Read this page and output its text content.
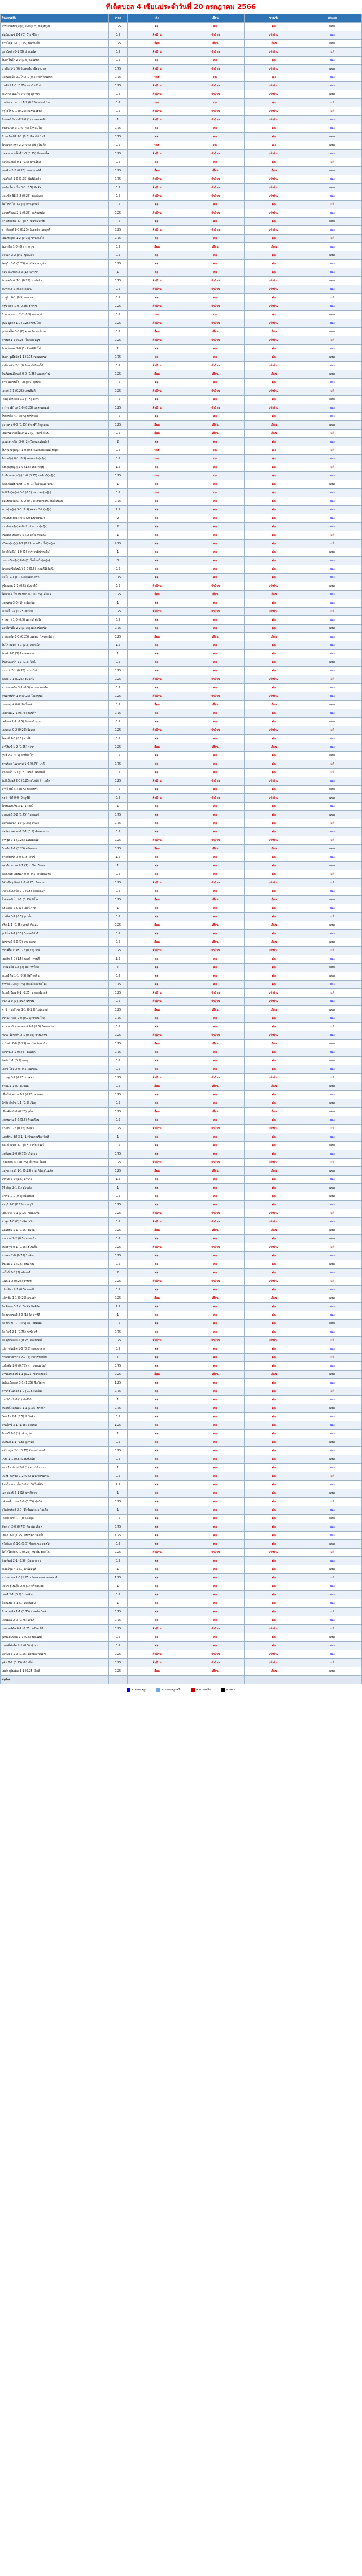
ทีเด็ดบอล 4 เซียนประจำวันที่ 20 กรกฎาคม 2566
คืนแลนด์ทีม	ราคา	เก่ง	เซียน	ช่างเชิง	ผลบอล
อาร์เจนติน่า(หญิง) 0-0 (1.5) ชิลี(หญิง)	0.25	ต่อ	ต่อ	ต่อ	เสมอ
ฟลูมิเนนเซ่ 2-1 (0) บีไอ ซีริอา	0.5	เจ้าบ้าน	เจ้าบ้าน	เจ้าบ้าน	ชนะ
ซานโตส 1-1 (0.25) ฟลามิงโก้	0.25	เยือน	เยือน	เยือน	เสมอ
บูอาวิสต้า 0-1 (0) ปาลเมรัส	0.5	เจ้าบ้าน	เจ้าบ้าน	เจ้าบ้าน	แพ้
โบตาโฟโก 2-0 (0.5) กอริตีบา	0.5	ต่อ	ต่อ	ต่อ	ชนะ
บาเอีย 1-1 (0) อินเตอร์นาซิอองนาล	0.75	เจ้าบ้าน	เจ้าบ้าน	เจ้าบ้าน	เสมอ
แอตเลติโก้ มิเนโร่ 2-1 (0.5) ฟอร์ตาเลซ่า	0.75	รอง	รอง	รอง	ชนะ
เกรมิโอ้ 1-0 (0.25) บรากันติโน่	0.25	เจ้าบ้าน	เจ้าบ้าน	เจ้าบ้าน	ชนะ
อเมริกา มิเนโร่ 0-0 (0) คูยาบา	0.5	เจ้าบ้าน	เจ้าบ้าน	เจ้าบ้าน	เสมอ
วาสโก ดา กามา 1-2 (0.25) เซาเปาโล	0.5	รอง	รอง	รอง	แพ้
ครูไซโร่ 0-1 (0.25) คอรินเธียนส์	0.5	เจ้าบ้าน	เจ้าบ้าน	เจ้าบ้าน	แพ้
อินเตอร์ ไมอามี่ 2-0 (1) แอตแลนต้า	1	เจ้าบ้าน	เจ้าบ้าน	เจ้าบ้าน	ชนะ
ซินซินเนติ 3-1 (0.75) โตรอนโต้	0.75	ต่อ	ต่อ	ต่อ	ชนะ
นิวยอร์ก ซิตี้ 1-1 (0.5) ชิคาโก้ ไฟร์	0.75	ต่อ	ต่อ	ต่อ	เสมอ
โคลัมบัส ครูว์ 2-2 (0.5) ดีซี ยูไนเต็ด	0.5	รอง	รอง	รอง	เสมอ
แอลเอ แกแล็กซี่ 1-0 (0.25) ซีแอตเติ้ล	0.25	เจ้าบ้าน	เจ้าบ้าน	เจ้าบ้าน	ชนะ
พอร์ตแลนด์ 0-1 (0.5) ซานโฮเซ่	0.5	ต่อ	ต่อ	ต่อ	แพ้
ออสติน 2-2 (0.25) แอลเอเอฟซี	0.25	เยือน	เยือน	เยือน	เสมอ
แนชวิลล์ 1-0 (0.75) มินนิโซต้า	0.75	เจ้าบ้าน	เจ้าบ้าน	เจ้าบ้าน	ชนะ
ฮุสตัน ไดนาโม 0-0 (0.5) ดัลลัส	0.5	เจ้าบ้าน	เจ้าบ้าน	เจ้าบ้าน	เสมอ
แคนซัส ซิตี้ 3-2 (0.25) ซอลท์เลค	0.5	เจ้าบ้าน	เจ้าบ้าน	เจ้าบ้าน	ชนะ
โคโลราโด 0-2 (0) แวนคูเวอร์	0.5	ต่อ	ต่อ	ต่อ	แพ้
มอนทรีออล 2-1 (0.25) ออร์แลนโด	0.25	เจ้าบ้าน	เจ้าบ้าน	เจ้าบ้าน	ชนะ
นิว อิงแลนด์ 1-1 (0.5) ฟิลาเดลเฟีย	0.5	ต่อ	ต่อ	ต่อ	เสมอ
ชาร์ล็อตต์ 2-0 (0.25) นิวยอร์ก เรดบูลส์	0.25	เจ้าบ้าน	เจ้าบ้าน	เจ้าบ้าน	ชนะ
เซนต์หลุยส์ 1-2 (0.75) ซานดิเอโก	0.75	ต่อ	ต่อ	ต่อ	แพ้
โมเรเลีย 1-0 (0) เวราครูซ	0.5	เยือน	เยือน	เยือน	ชนะ
ทีจัวน่า 2-2 (0.5) ปูเอบล่า	0.5	ต่อ	ต่อ	ต่อ	เสมอ
โตลูก้า 3-1 (0.75) ซานโตส ลากูน่า	0.75	ต่อ	ต่อ	ต่อ	ชนะ
คลับ อเมริกา 2-0 (1) เนกาซา	1	ต่อ	ต่อ	ต่อ	ชนะ
โมนเตร์เรย์ 1-1 (0.75) มาซัตลัน	0.75	เจ้าบ้าน	เจ้าบ้าน	เจ้าบ้าน	เสมอ
ติเกรส 2-1 (0.5) เลออน	0.5	เจ้าบ้าน	เจ้าบ้าน	เจ้าบ้าน	ชนะ
ปาชูก้า 0-1 (0.5) อตลาส	0.5	ต่อ	ต่อ	ต่อ	แพ้
ครูซ อซูล 1-0 (0.25) ฮัวเรซ	0.25	เจ้าบ้าน	เจ้าบ้าน	เจ้าบ้าน	ชนะ
กัวดาลาฮาร่า 2-2 (0.5) เกเรตาโร่	0.5	รอง	รอง	รอง	เสมอ
ยูนัม ปูมาส 1-0 (0.25) ซานโตส	0.25	เจ้าบ้าน	เจ้าบ้าน	เจ้าบ้าน	ชนะ
ยูแอนด์ไอ 0-0 (0) อาเซนัล ซาร์ราด	0.5	เยือน	เยือน	เยือน	เสมอ
ลาเนส 1-2 (0.25) โกดอย ครูซ	0.25	เจ้าบ้าน	เจ้าบ้าน	เจ้าบ้าน	แพ้
ริเวอร์เพลท 2-0 (1) อินสติติวโต้	1	ต่อ	ต่อ	ต่อ	ชนะ
โบคา จูเนียร์ส 1-1 (0.75) ทาลเยเรส	0.75	ต่อ	ต่อ	ต่อ	เสมอ
ราซิ่ง คลับ 2-1 (0.5) ซาร์เมียนโต้	0.5	เจ้าบ้าน	เจ้าบ้าน	เจ้าบ้าน	ชนะ
อินดิเพนเดียนเต้ 0-0 (0.25) เบลกราโน่	0.25	เยือน	เยือน	เยือน	เสมอ
ซาน ลอเรนโซ่ 1-0 (0.5) ยูเนียน	0.5	ต่อ	ต่อ	ต่อ	ชนะ
เวเลซ 0-1 (0.25) บานฟิลด์	0.25	เจ้าบ้าน	เจ้าบ้าน	เจ้าบ้าน	แพ้
เอสตูเดียนเตส 2-2 (0.5) ติเกร	0.5	ต่อ	ต่อ	ต่อ	เสมอ
อาร์เจนติโนส 1-0 (0.25) แพลตเทนเซ่	0.25	เจ้าบ้าน	เจ้าบ้าน	เจ้าบ้าน	ชนะ
โรซาริโอ 3-1 (0.5) บาร์ราคัส	0.5	ต่อ	ต่อ	ต่อ	ชนะ
ฮูราแคน 0-0 (0.25) อัตเลติโก้ ตูกูมาน	0.25	เยือน	เยือน	เยือน	เสมอ
เซนทรัล กอร์โดบา 1-2 (0) เชลซี่ วีเมน	0.5	เยือน	เยือน	เยือน	แพ้
ยูเอสเอ(หญิง) 3-0 (2) เวียดนาม(หญิง)	2	ต่อ	ต่อ	ต่อ	ชนะ
โปรตุเกส(หญิง) 1-0 (0.5) เนเธอร์แลนด์(หญิง)	0.5	รอง	รอง	รอง	แพ้
จีน(หญิง) 0-1 (0.5) เดนมาร์ก(หญิง)	0.5	รอง	รอง	รอง	ชนะ
อังกฤษ(หญิง) 1-0 (1.5) เฮติ(หญิง)	1.5	ต่อ	ต่อ	ต่อ	แพ้
นิวซีแลนด์(หญิง) 1-0 (0.25) นอร์เวย์(หญิง)	0.25	รอง	รอง	รอง	ชนะ
ออสเตรเลีย(หญิง) 1-0 (1) ไอร์แลนด์(หญิง)	1	ต่อ	ต่อ	ต่อ	เสมอ
ไนจีเรีย(หญิง) 0-0 (0.5) แคนาดา(หญิง)	0.5	รอง	รอง	รอง	ชนะ
ฟิลิปปินส์(หญิง) 0-2 (0.75) สวิตเซอร์แลนด์(หญิง)	0.75	ต่อ	ต่อ	ต่อ	ชนะ
สเปน(หญิง) 3-0 (2.5) คอสตาริก้า(หญิง)	2.5	ต่อ	ต่อ	ต่อ	ชนะ
แซมเบีย(หญิง) 0-5 (2) ญี่ปุ่น(หญิง)	2	ต่อ	ต่อ	ต่อ	ชนะ
บราซิล(หญิง) 4-0 (2) ปานามา(หญิง)	2	ต่อ	ต่อ	ต่อ	ชนะ
ฝรั่งเศส(หญิง) 0-0 (1) จาไมก้า(หญิง)	1	ต่อ	ต่อ	ต่อ	แพ้
สวีเดน(หญิง) 2-1 (2.25) แอฟริกาใต้(หญิง)	2.25	ต่อ	ต่อ	ต่อ	แพ้
อิตาลี(หญิง) 1-0 (1) อาร์เจนติน่า(หญิง)	1	ต่อ	ต่อ	ต่อ	เสมอ
เยอรมนี(หญิง) 6-0 (3) โมร็อกโก(หญิง)	3	ต่อ	ต่อ	ต่อ	ชนะ
โคลอมเบีย(หญิง) 2-0 (0.5) เกาหลีใต้(หญิง)	0.5	ต่อ	ต่อ	ต่อ	ชนะ
มัลโม่ 2-1 (0.75) เอลฟ์สบอร์ก	0.75	ต่อ	ต่อ	ต่อ	ชนะ
ยูร์กาเดน 1-1 (0.5) ฮัมมาร์บี้	0.5	เจ้าบ้าน	เจ้าบ้าน	เจ้าบ้าน	เสมอ
ไอเอฟเค โกเธนเบิร์ก 0-1 (0.25) เอไอเค	0.25	เยือน	เยือน	เยือน	ชนะ
แฮคเค่น 3-0 (1) วาร์นาโม	1	ต่อ	ต่อ	ต่อ	ชนะ
มเยลบี้ 0-2 (0.25) ซิเรียส	0.25	เจ้าบ้าน	เจ้าบ้าน	เจ้าบ้าน	แพ้
คาลมาร์ 1-0 (0.5) เดเกอร์ฟอร์ส	0.5	ต่อ	ต่อ	ต่อ	ชนะ
นอร์โคปปิ้ง 2-2 (0.75) เดเกอร์ฟอร์ส	0.75	ต่อ	ต่อ	ต่อ	เสมอ
ฮาล์มสตัด 1-3 (0.25) บรอมมาโพจการ์น่า	0.25	เยือน	เยือน	เยือน	ชนะ
โบโด กลิมท์ 4-1 (1.5) สตาเบ็ค	1.5	ต่อ	ต่อ	ต่อ	ชนะ
โมลด์ 2-0 (1) ลิลเลสตรอม	1	ต่อ	ต่อ	ต่อ	ชนะ
โรเซนบอร์ก 1-1 (0.5) ไวกิ้ง	0.5	ต่อ	ต่อ	ต่อ	เสมอ
บรานน์ 2-1 (0.75) ทรอมโซ่	0.75	ต่อ	ต่อ	ต่อ	ชนะ
ออดด์ 0-1 (0.25) ฮัม คาม	0.25	เจ้าบ้าน	เจ้าบ้าน	เจ้าบ้าน	แพ้
ซาร์ปสบอร์ก 3-1 (0.5) ซานเดฟยอร์ด	0.5	ต่อ	ต่อ	ต่อ	ชนะ
วาเลเรนก้า 1-0 (0.25) โอเล่ซุนด์	0.25	เจ้าบ้าน	เจ้าบ้าน	เจ้าบ้าน	ชนะ
เฮาเกซุนด์ 0-0 (0) โอลด์	0.5	เยือน	เยือน	เยือน	เสมอ
เอชเจเค 2-1 (0.75) ฮอนก้า	0.75	ต่อ	ต่อ	ต่อ	ชนะ
เคพีเอส 1-1 (0.5) อินเตอร์ ตุรกุ	0.5	ต่อ	ต่อ	ต่อ	เสมอ
เอสเจเค 0-2 (0.25) อิลเวส	0.25	เจ้าบ้าน	เจ้าบ้าน	เจ้าบ้าน	แพ้
ไฮจะฮ์ 1-0 (0.5) ลาห์ติ	0.5	ต่อ	ต่อ	ต่อ	ชนะ
มารีฮัมน์ 1-2 (0.25) วาซา	0.25	เยือน	เยือน	เยือน	ชนะ
กูปส์ 2-2 (0.5) อาห์ซีแบ็ก	0.5	ต่อ	ต่อ	ต่อ	เสมอ
ชามร็อค โรเวอร์ส 1-0 (0.75) บาลี่	0.75	ต่อ	ต่อ	ต่อ	แพ้
ดันดอล์ก 0-1 (0.5) เซนต์ แพทริคส์	0.5	ต่อ	ต่อ	ต่อ	แพ้
โบฮีเมียนส์ 2-0 (0.25) สไลโก้ โรเวอร์ส	0.25	เจ้าบ้าน	เจ้าบ้าน	เจ้าบ้าน	ชนะ
ดาร์รี่ ซิตี้ 1-1 (0.5) ชอลเบิร์น	0.5	ต่อ	ต่อ	ต่อ	เสมอ
คอร์ก ซิตี้ 0-0 (0) ยูซีดี	0.5	เจ้าบ้าน	เจ้าบ้าน	เจ้าบ้าน	เสมอ
โคเปนเฮเก้น 3-1 (1) ลิงบี้	1	ต่อ	ต่อ	ต่อ	ชนะ
บรอนด์บี้ 2-2 (0.75) โอเดนเซ่	0.75	ต่อ	ต่อ	ต่อ	เสมอ
มิดทิลแลนด์ 1-0 (0.75) เวเบิล	0.75	ต่อ	ต่อ	ต่อ	แพ้
นอร์ดแยลแลนด์ 2-1 (0.5) ซิลเคบอร์ก	0.5	ต่อ	ต่อ	ต่อ	ชนะ
อาร์ฮุส 0-1 (0.25) แรนเดอร์ส	0.25	เจ้าบ้าน	เจ้าบ้าน	เจ้าบ้าน	แพ้
วีบอร์ก 1-1 (0.25) ฮวิดอฟเร	0.25	เยือน	เยือน	เยือน	เสมอ
ซาลซ์บวร์ก 3-0 (1.5) ลินซ์	1.5	ต่อ	ต่อ	ต่อ	ชนะ
สตวร์ม กราซ 2-1 (1) ราปิด เวียนนา	1	ต่อ	ต่อ	ต่อ	เสมอ
ออสเตรีย เวียนนา 0-0 (0.5) ฮาร์ทแบร์ก	0.5	ต่อ	ต่อ	ต่อ	แพ้
บีดับเบิ้ลยู ลินซ์ 1-2 (0.25) อัลทาช	0.25	เจ้าบ้าน	เจ้าบ้าน	เจ้าบ้าน	แพ้
เคลาเก้นเฟิร์ต 2-0 (0.5) ลุสเตอเนา	0.5	ต่อ	ต่อ	ต่อ	ชนะ
โวล์ฟสเบิร์ก 1-1 (0.25) ทิโรล	0.25	เยือน	เยือน	เยือน	เสมอ
ยัง บอยส์ 2-0 (1) เซอร์เวตต์	1	ต่อ	ต่อ	ต่อ	ชนะ
บาเซิ่ล 0-1 (0.5) ลูกาโน่	0.5	ต่อ	ต่อ	ต่อ	แพ้
ซูริค 1-1 (0.25) เซนต์ กัลเลน	0.25	เยือน	เยือน	เยือน	เสมอ
ลูเซิร์น 2-1 (0.5) วินเทอร์ทัวร์	0.5	ต่อ	ต่อ	ต่อ	ชนะ
โลซานน์ 0-0 (0) ยาง-ฮลาด	0.5	เยือน	เยือน	เยือน	เสมอ
กราสฮ็อปเปอร์ 1-2 (0.25) ยังส์	0.25	เจ้าบ้าน	เจ้าบ้าน	เจ้าบ้าน	แพ้
เซลติก 3-0 (1.5) รอสส์ เคาน์ตี้	1.5	ต่อ	ต่อ	ต่อ	ชนะ
เรนเจอร์ส 2-1 (1) คิลมาร์น็อค	1	ต่อ	ต่อ	ต่อ	เสมอ
อเบอร์ดีน 1-1 (0.5) ลิฟวิงสตัน	0.5	ต่อ	ต่อ	ต่อ	เสมอ
ฮาร์ทส 2-0 (0.75) เซนต์ จอห์นสโตน	0.75	ต่อ	ต่อ	ต่อ	ชนะ
ฮิเบอร์เนียน 0-1 (0.25) มาเธอร์เวลล์	0.25	เจ้าบ้าน	เจ้าบ้าน	เจ้าบ้าน	แพ้
ดันดี 1-0 (0) เซนต์ มิร์เรน	0.5	เจ้าบ้าน	เจ้าบ้าน	เจ้าบ้าน	ชนะ
คาชิว่า เรย์โซล 1-1 (0.25) โยโกฮาม่า	0.25	เยือน	เยือน	เยือน	เสมอ
อุราวะ เรดส์ 2-0 (0.75) ซางัน โทสุ	0.75	ต่อ	ต่อ	ต่อ	ชนะ
คาวาซากิ ฟรอนตาเล่ 1-2 (0.5) วิสเซล โกเบ	0.5	ต่อ	ต่อ	ต่อ	แพ้
กัมบะ โอซาก้า 2-1 (0.25) ซานเฟรซ	0.25	เจ้าบ้าน	เจ้าบ้าน	เจ้าบ้าน	ชนะ
นาโงย่า 0-0 (0.25) เซเรโซ โอซาก้า	0.25	เยือน	เยือน	เยือน	เสมอ
อุลซาน 2-1 (0.75) ชอนบุก	0.75	ต่อ	ต่อ	ต่อ	ชนะ
โพฮัง 1-1 (0.5) แทกู	0.5	ต่อ	ต่อ	ต่อ	เสมอ
เอฟซี โซล 2-0 (0.5) อินชอน	0.5	ต่อ	ต่อ	ต่อ	ชนะ
กวางจู 0-1 (0.25) แทจอน	0.25	เจ้าบ้าน	เจ้าบ้าน	เจ้าบ้าน	แพ้
ซูวอน 1-1 (0) คังวอน	0.5	เยือน	เยือน	เยือน	เสมอ
เซี่ยงไฮ้ พอร์ท 2-1 (0.75) ชานตง	0.75	ต่อ	ต่อ	ต่อ	ชนะ
ปักกิ่ง กั๋วอัน 1-1 (0.5) เฉิงตู	0.5	ต่อ	ต่อ	ต่อ	เสมอ
เทียนจิน 0-0 (0.25) อู่ฮั่น	0.25	เยือน	เยือน	เยือน	เสมอ
เหอหนาน 2-0 (0.5) ต้าเหลียน	0.5	ต่อ	ต่อ	ต่อ	ชนะ
ฉางชุน 1-2 (0.25) ชิงเต่า	0.25	เจ้าบ้าน	เจ้าบ้าน	เจ้าบ้าน	แพ้
เมลเบิร์น ซิตี้ 3-1 (1) นิวคาสเซิล เจ็ตส์	1	ต่อ	ต่อ	ต่อ	ชนะ
ซิดนีย์ เอฟซี 1-1 (0.5) เพิร์ธ กลอรี่	0.5	ต่อ	ต่อ	ต่อ	เสมอ
แอดิเลด 2-0 (0.75) บริสเบน	0.75	ต่อ	ต่อ	ต่อ	ชนะ
เวลลิงตัน 0-1 (0.25) เซ็นทรัล โคสต์	0.25	เจ้าบ้าน	เจ้าบ้าน	เจ้าบ้าน	แพ้
แมคอาเธอร์ 1-1 (0.25) เวสเทิร์น ยูไนเต็ด	0.25	เยือน	เยือน	เยือน	เสมอ
บุรีรัมย์ 3-0 (1.5) ลำปาง	1.5	ต่อ	ต่อ	ต่อ	ชนะ
บีจี ปทุม 2-1 (1) สุโขทัย	1	ต่อ	ต่อ	ต่อ	เสมอ
ท่าเรือ 1-1 (0.5) เมืองทอง	0.5	ต่อ	ต่อ	ต่อ	เสมอ
ชลบุรี 2-0 (0.75) ราชบุรี	0.75	ต่อ	ต่อ	ต่อ	ชนะ
เชียงราย 0-1 (0.25) ขอนแก่น	0.25	เจ้าบ้าน	เจ้าบ้าน	เจ้าบ้าน	แพ้
ลำพูน 1-0 (0) โปลิศ เทโร	0.5	เจ้าบ้าน	เจ้าบ้าน	เจ้าบ้าน	ชนะ
นครปฐม 1-1 (0.25) ตราด	0.25	เยือน	เยือน	เยือน	เสมอ
ประจวบ 2-2 (0.5) หนองบัว	0.5	ต่อ	ต่อ	ต่อ	เสมอ
อุทัยธานี 0-1 (0.25) ยูไนเต็ด	0.25	เจ้าบ้าน	เจ้าบ้าน	เจ้าบ้าน	แพ้
ฮานอย 2-0 (0.75) ไฮฟอง	0.75	ต่อ	ต่อ	ต่อ	ชนะ
ไซ่ง่อน 1-1 (0.5) บินห์ดิงห์	0.5	ต่อ	ต่อ	ต่อ	เสมอ
ยะโฮร์ 3-0 (2) สลังงอร์	2	ต่อ	ต่อ	ต่อ	ชนะ
เปรัก 1-2 (0.25) ซาบาห์	0.25	เจ้าบ้าน	เจ้าบ้าน	เจ้าบ้าน	แพ้
เปอร์ซิจา 2-1 (0.5) บาหลี	0.5	ต่อ	ต่อ	ต่อ	ชนะ
เปอร์ซิบ 1-1 (0.25) อาเรม่า	0.25	เยือน	เยือน	เยือน	เสมอ
อัล ฮิลาล 3-1 (1.5) อัล อิตติฮัด	1.5	ต่อ	ต่อ	ต่อ	ชนะ
อัล นาสเซอร์ 2-0 (1) อัล อาห์ลี	1	ต่อ	ต่อ	ต่อ	ชนะ
อัล ชาบับ 1-1 (0.5) อัล เอตติฟัค	0.5	ต่อ	ต่อ	ต่อ	เสมอ
อัล ไอน์ 2-1 (0.75) ชาร์จาห์	0.75	ต่อ	ต่อ	ต่อ	ชนะ
อัล ดูฮาอิล 0-1 (0.25) อัล ซาดด์	0.25	เจ้าบ้าน	เจ้าบ้าน	เจ้าบ้าน	แพ้
เปอร์เซโปลิส 1-0 (0.5) เอสเตกลาล	0.5	ต่อ	ต่อ	ต่อ	ชนะ
กาลาตาซาราย 2-2 (1) เฟเนร์บาห์เช่	1	ต่อ	ต่อ	ต่อ	แพ้
เบซิกตัส 2-0 (0.75) ทราบซอนสปอร์	0.75	ต่อ	ต่อ	ต่อ	ชนะ
บาซัคเซเฮียร์ 1-1 (0.25) ซีวาสสปอร์	0.25	เยือน	เยือน	เยือน	เสมอ
โอลิมเปียกอส 3-1 (1.25) พีเอโอเค	1.25	ต่อ	ต่อ	ต่อ	ชนะ
พานาธิไนกอส 1-0 (0.75) เออีเค	0.75	ต่อ	ต่อ	ต่อ	แพ้
เบนฟิก้า 2-0 (1) ปอร์โต้	1	ต่อ	ต่อ	ต่อ	ชนะ
สปอร์ติ้ง ลิสบอน 1-1 (0.75) บราก้า	0.75	ต่อ	ต่อ	ต่อ	เสมอ
วิตอเรีย 2-1 (0.5) บัววิสต้า	0.5	ต่อ	ต่อ	ต่อ	ชนะ
อาแจ็กซ์ 3-1 (1.25) อาแซด	1.25	ต่อ	ต่อ	ต่อ	ชนะ
พีเอสวี 2-0 (1) เฟเยนูร์ด	1	ต่อ	ต่อ	ต่อ	ชนะ
ทเวนเต้ 1-1 (0.5) อูเทรคต์	0.5	ต่อ	ต่อ	ต่อ	เสมอ
คลับ บรูช 2-1 (0.75) อันเดอร์เลชท์	0.75	ต่อ	ต่อ	ต่อ	ชนะ
เกงค์ 1-1 (0.5) แอนท์เวิร์ป	0.5	ต่อ	ต่อ	ต่อ	เสมอ
สลาเวีย ปราก 2-0 (1) สปาร์ต้า ปราก	1	ต่อ	ต่อ	ต่อ	ชนะ
เลเกีย วอร์ซอ 1-2 (0.5) เลค พอซนาน	0.5	ต่อ	ต่อ	ต่อ	แพ้
ดินาโม ซาเกร็บ 3-0 (1.5) ไฮจ์ดุ๊ค	1.5	ต่อ	ต่อ	ต่อ	ชนะ
เรด สตาร์ 2-1 (1) พาร์ติซาน	1	ต่อ	ต่อ	ต่อ	เสมอ
เฟเรนซ์วารอส 1-0 (0.75) ปุสกัส	0.75	ต่อ	ต่อ	ต่อ	แพ้
ลูโดโกเร็ตส์ 2-0 (1) ซีเอสเคเอ โซเฟีย	1	ต่อ	ต่อ	ต่อ	ชนะ
เอฟซีเอสบี 1-1 (0.5) คลูจ	0.5	ต่อ	ต่อ	ต่อ	เสมอ
ชัคตาร์ 2-0 (0.75) ดินาโม เคียฟ	0.75	ต่อ	ต่อ	ต่อ	ชนะ
เซนิต 3-1 (1.25) สปาร์ตัก มอสโก	1.25	ต่อ	ต่อ	ต่อ	ชนะ
ครัสโนดาร์ 1-1 (0.5) ซีเอสเคเอ มอสโก	0.5	ต่อ	ต่อ	ต่อ	เสมอ
โลโคโมทีฟ 0-1 (0.25) ดินาโม มอสโก	0.25	เจ้าบ้าน	เจ้าบ้าน	เจ้าบ้าน	แพ้
โรสต็อฟ 2-1 (0.5) รูบิน คาซาน	0.5	ต่อ	ต่อ	ต่อ	ชนะ
ลิเวอร์พูล 4-3 (1) คาร์ลสรูห์	1	ต่อ	ต่อ	ต่อ	เสมอ
อาร์เซนอล 1-0 (1.25) เอ็มแอลเอส ออลสตาร์	1.25	ต่อ	ต่อ	ต่อ	แพ้
แมนฯ ยูไนเต็ด 2-0 (1) วีเร็กซ์แฮม	1	ต่อ	ต่อ	ต่อ	ชนะ
เชลซี 2-1 (0.5) ไบรท์ตัน	0.5	ต่อ	ต่อ	ต่อ	ชนะ
ท็อตแน่ม 3-1 (1) เวสต์แฮม	1	ต่อ	ต่อ	ต่อ	ชนะ
นิวคาสเซิล 1-1 (0.75) แอสตัน วิลล่า	0.75	ต่อ	ต่อ	ต่อ	แพ้
เลสเตอร์ 2-0 (0.75) เลนส์	0.75	ต่อ	ต่อ	ต่อ	ชนะ
เอฟเวอร์ตัน 0-1 (0.25) สต๊อค ซิตี้	0.25	เจ้าบ้าน	เจ้าบ้าน	เจ้าบ้าน	แพ้
วูล์ฟแฮมป์ตัน 1-1 (0.5) ฟอเรสต์	0.5	ต่อ	ต่อ	ต่อ	เสมอ
เบรนท์ฟอร์ด 2-1 (0.5) ฟูแล่ม	0.5	ต่อ	ต่อ	ต่อ	ชนะ
บอร์นมัธ 1-0 (0.25) คริสตัล พาเลซ	0.25	เจ้าบ้าน	เจ้าบ้าน	เจ้าบ้าน	ชนะ
ลูตัน 0-2 (0.25) เบิร์นลี่ย์	0.25	เจ้าบ้าน	เจ้าบ้าน	เจ้าบ้าน	แพ้
เชฟฯ ยูไนเต็ด 1-1 (0.25) ลีดส์	0.25	เยือน	เยือน	เยือน	เสมอ
สรุปผล					
= ทายผลถูก	= ทายผลถูกครึ่ง	= ทายผลผิด	= เสมอ
